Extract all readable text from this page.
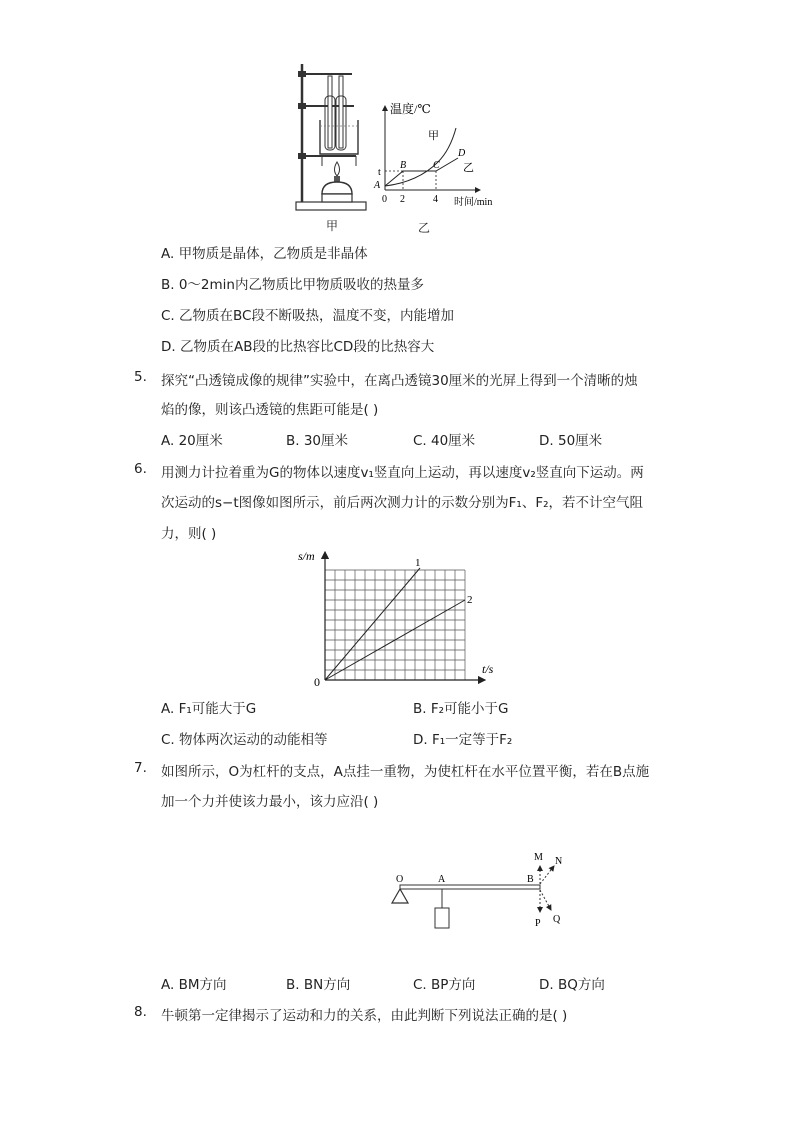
甲
温度/℃
时间/min
甲
乙
t
A
B	C
D
0 2	4
乙
A. 甲物质是晶体，乙物质是非晶体
B. 0～2min内乙物质比甲物质吸收的热量多
C. 乙物质在BC段不断吸热，温度不变，内能增加
D. 乙物质在AB段的比热容比CD段的比热容大
5. 探究“凸透镜成像的规律”实验中，在离凸透镜30厘米的光屏上得到一个清晰的烛
焰的像，则该凸透镜的焦距可能是( )
A. 20厘米	B. 30厘米	C. 40厘米	D. 50厘米
6. 用测力计拉着重为G的物体以速度v₁竖直向上运动，再以速度v₂竖直向下运动。两
次运动的s−t图像如图所示，前后两次测力计的示数分别为F₁、F₂，若不计空气阻
力，则( )
s/m
t/s
0
1
2
A. F₁可能大于G	B. F₂可能小于G
C. 物体两次运动的动能相等	D. F₁一定等于F₂
7. 如图所示，O为杠杆的支点，A点挂一重物，为使杠杆在水平位置平衡，若在B点施
加一个力并使该力最小，该力应沿( )
O	A	B
M N
P Q
A. BM方向	B. BN方向	C. BP方向	D. BQ方向
8. 牛顿第一定律揭示了运动和力的关系，由此判断下列说法正确的是( )
